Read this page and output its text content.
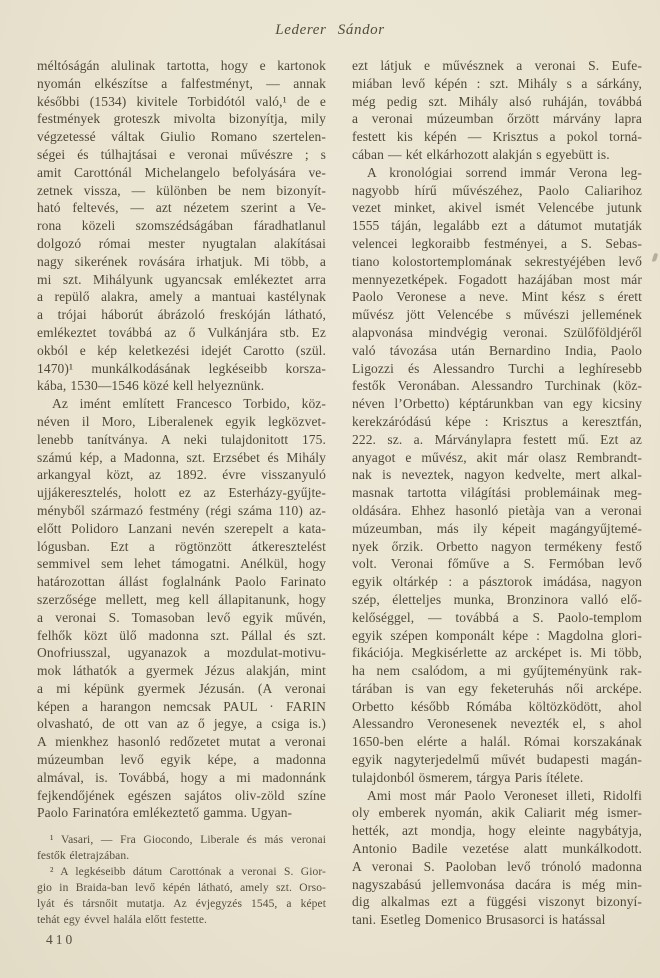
Lederer Sándor
méltóságán alulinak tartotta, hogy e kartonok
nyomán elkészítse a falfestményt, — annak
későbbi (1534) kivitele Torbidótól való,¹ de e
festmények groteszk mivolta bizonyítja, mily
végzetessé váltak Giulio Romano szertelen-
ségei és túlhajtásai e veronai művészre ; s
amit Carottónál Michelangelo befolyására ve-
zetnek vissza, — különben be nem bizonyít-
ható feltevés, — azt nézetem szerint a Ve-
rona közeli szomszédságában fáradhatlanul
dolgozó római mester nyugtalan alakításai
nagy sikerének rovására irhatjuk. Mi több, a
mi szt. Mihályunk ugyancsak emlékeztet arra
a repülő alakra, amely a mantuai kastélynak
a trójai háborút ábrázoló freskóján látható,
emlékeztet továbbá az ő Vulkánjára stb. Ez
okból e kép keletkezési idejét Carotto (szül.
1470)¹ munkálkodásának legkéseibb korsza-
kába, 1530—1546 közé kell helyeznünk.
Az imént említett Francesco Torbido, köz-
néven il Moro, Liberalenek egyik legközvet-
lenebb tanítványa. A neki tulajdonitott 175.
számú kép, a Madonna, szt. Erzsébet és Mihály
arkangyal közt, az 1892. évre visszanyuló
ujjákeresztelés, holott ez az Esterházy-gyűjte-
ményből származó festmény (régi száma 110) az-
előtt Polidoro Lanzani nevén szerepelt a kata-
lógusban. Ezt a rögtönzött átkeresztelést
semmivel sem lehet támogatni. Anélkül, hogy
határozottan állást foglalnánk Paolo Farinato
szerzősége mellett, meg kell állapitanunk, hogy
a veronai S. Tomasoban levő egyik művén,
felhők közt ülő madonna szt. Pállal és szt.
Onofriusszal, ugyanazok a mozdulat-motivu-
mok láthatók a gyermek Jézus alakján, mint
a mi képünk gyermek Jézusán. (A veronai
képen a harangon nemcsak PAUL · FARIN
olvasható, de ott van az ő jegye, a csiga is.)
A mienkhez hasonló redőzetet mutat a veronai
múzeumban levő egyik képe, a madonna
almával, is. Továbbá, hogy a mi madonnánk
fejkendőjének egészen sajátos oliv-zöld színe
Paolo Farinatóra emlékeztető gamma. Ugyan-
¹ Vasari, — Fra Giocondo, Liberale és más veronai
festők életrajzában.
² A legkéseibb dátum Carottónak a veronai S. Gior-
gio in Braida-ban levő képén látható, amely szt. Orso-
lyát és társnőit mutatja. Az évjegyzés 1545, a képet
tehát egy évvel halála előtt festette.
ezt látjuk e művésznek a veronai S. Eufe-
miában levő képén : szt. Mihály s a sárkány,
még pedig szt. Mihály alsó ruháján, továbbá
a veronai múzeumban őrzött márvány lapra
festett kis képén — Krisztus a pokol torná-
cában — két elkárhozott alakján s egyebütt is.
A kronológiai sorrend immár Verona leg-
nagyobb hírű művészéhez, Paolo Caliarihoz
vezet minket, akivel ismét Velencébe jutunk
1555 táján, legalább ezt a dátumot mutatják
velencei legkoraibb festményei, a S. Sebas-
tiano kolostortemplomának sekrestyéjében levő
mennyezetképek. Fogadott hazájában most már
Paolo Veronese a neve. Mint kész s érett
művész jött Velencébe s művészi jellemének
alapvonása mindvégig veronai. Szülőföldjéről
való távozása után Bernardino India, Paolo
Ligozzi és Alessandro Turchi a leghíresebb
festők Veronában. Alessandro Turchinak (köz-
néven l’Orbetto) képtárunkban van egy kicsiny
kerekzáródású képe : Krisztus a keresztfán,
222. sz. a. Márványlapra festett mű. Ezt az
anyagot e művész, akit már olasz Rembrandt-
nak is neveztek, nagyon kedvelte, mert alkal-
masnak tartotta világítási problemáinak meg-
oldására. Ehhez hasonló pietàja van a veronai
múzeumban, más ily képeit magángyűjtemé-
nyek őrzik. Orbetto nagyon termékeny festő
volt. Veronai főműve a S. Fermóban levő
egyik oltárkép : a pásztorok imádása, nagyon
szép, életteljes munka, Bronzinora valló elő-
kelőséggel, — továbbá a S. Paolo-templom
egyik szépen komponált képe : Magdolna glori-
fikációja. Megkisérlette az arcképet is. Mi több,
ha nem csalódom, a mi gyűjteményünk rak-
tárában is van egy feketeruhás női arcképe.
Orbetto később Rómába költözködött, ahol
Alessandro Veronesenek nevezték el, s ahol
1650-ben elérte a halál. Római korszakának
egyik nagyterjedelmű művét budapesti magán-
tulajdonból ösmerem, tárgya Paris ítélete.
Ami most már Paolo Veroneset illeti, Ridolfi
oly emberek nyomán, akik Caliarit még ismer-
hették, azt mondja, hogy eleinte nagybátyja,
Antonio Badile vezetése alatt munkálkodott.
A veronai S. Paoloban levő trónoló madonna
nagyszabású jellemvonása dacára is még min-
dig alkalmas ezt a függési viszonyt bizonyí-
tani. Esetleg Domenico Brusasorci is hatással
410
